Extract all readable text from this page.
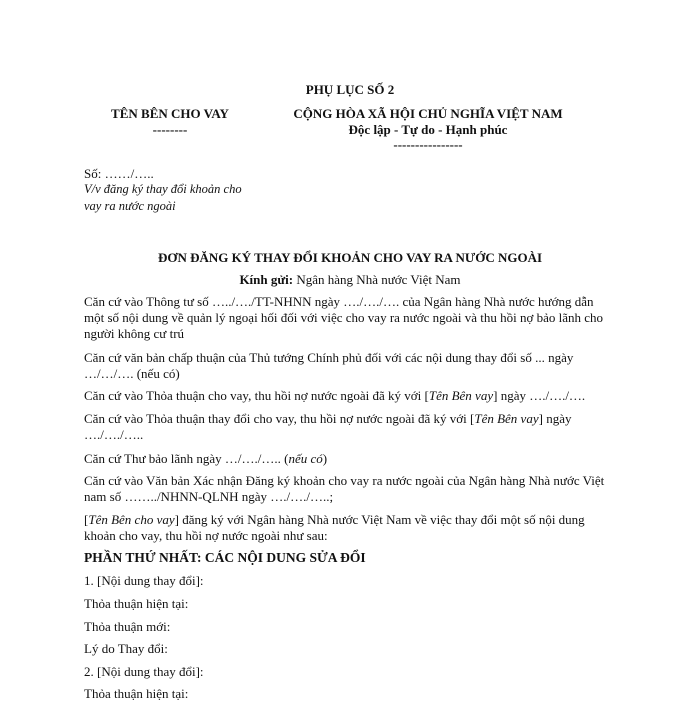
PHỤ LỤC SỐ 2
TÊN BÊN CHO VAY
--------
CỘNG HÒA XÃ HỘI CHỦ NGHĨA VIỆT NAM
Độc lập - Tự do - Hạnh phúc
----------------
Số: ……/…..
V/v đăng ký thay đổi khoản cho
vay ra nước ngoài
ĐƠN ĐĂNG KÝ THAY ĐỔI KHOẢN CHO VAY RA NƯỚC NGOÀI
Kính gửi: Ngân hàng Nhà nước Việt Nam
Căn cứ vào Thông tư số …../…./TT-NHNN ngày …./…./…. của Ngân hàng Nhà nước hướng dẫn một số nội dung về quản lý ngoại hối đối với việc cho vay ra nước ngoài và thu hồi nợ bảo lãnh cho người không cư trú
Căn cứ văn bản chấp thuận của Thủ tướng Chính phủ đối với các nội dung thay đổi số ... ngày …/…/…. (nếu có)
Căn cứ vào Thỏa thuận cho vay, thu hồi nợ nước ngoài đã ký với [Tên Bên vay] ngày …./…./….
Căn cứ vào Thỏa thuận thay đổi cho vay, thu hồi nợ nước ngoài đã ký với [Tên Bên vay] ngày …./…./…..
Căn cứ Thư bảo lãnh ngày …/…./….. (nếu có)
Căn cứ vào Văn bản Xác nhận Đăng ký khoản cho vay ra nước ngoài của Ngân hàng Nhà nước Việt nam số ……../NHNN-QLNH ngày …./…./…..;
[Tên Bên cho vay] đăng ký với Ngân hàng Nhà nước Việt Nam về việc thay đổi một số nội dung khoản cho vay, thu hồi nợ nước ngoài như sau:
PHẦN THỨ NHẤT: CÁC NỘI DUNG SỬA ĐỔI
1. [Nội dung thay đổi]:
Thỏa thuận hiện tại:
Thỏa thuận mới:
Lý do Thay đổi:
2. [Nội dung thay đổi]:
Thỏa thuận hiện tại:
